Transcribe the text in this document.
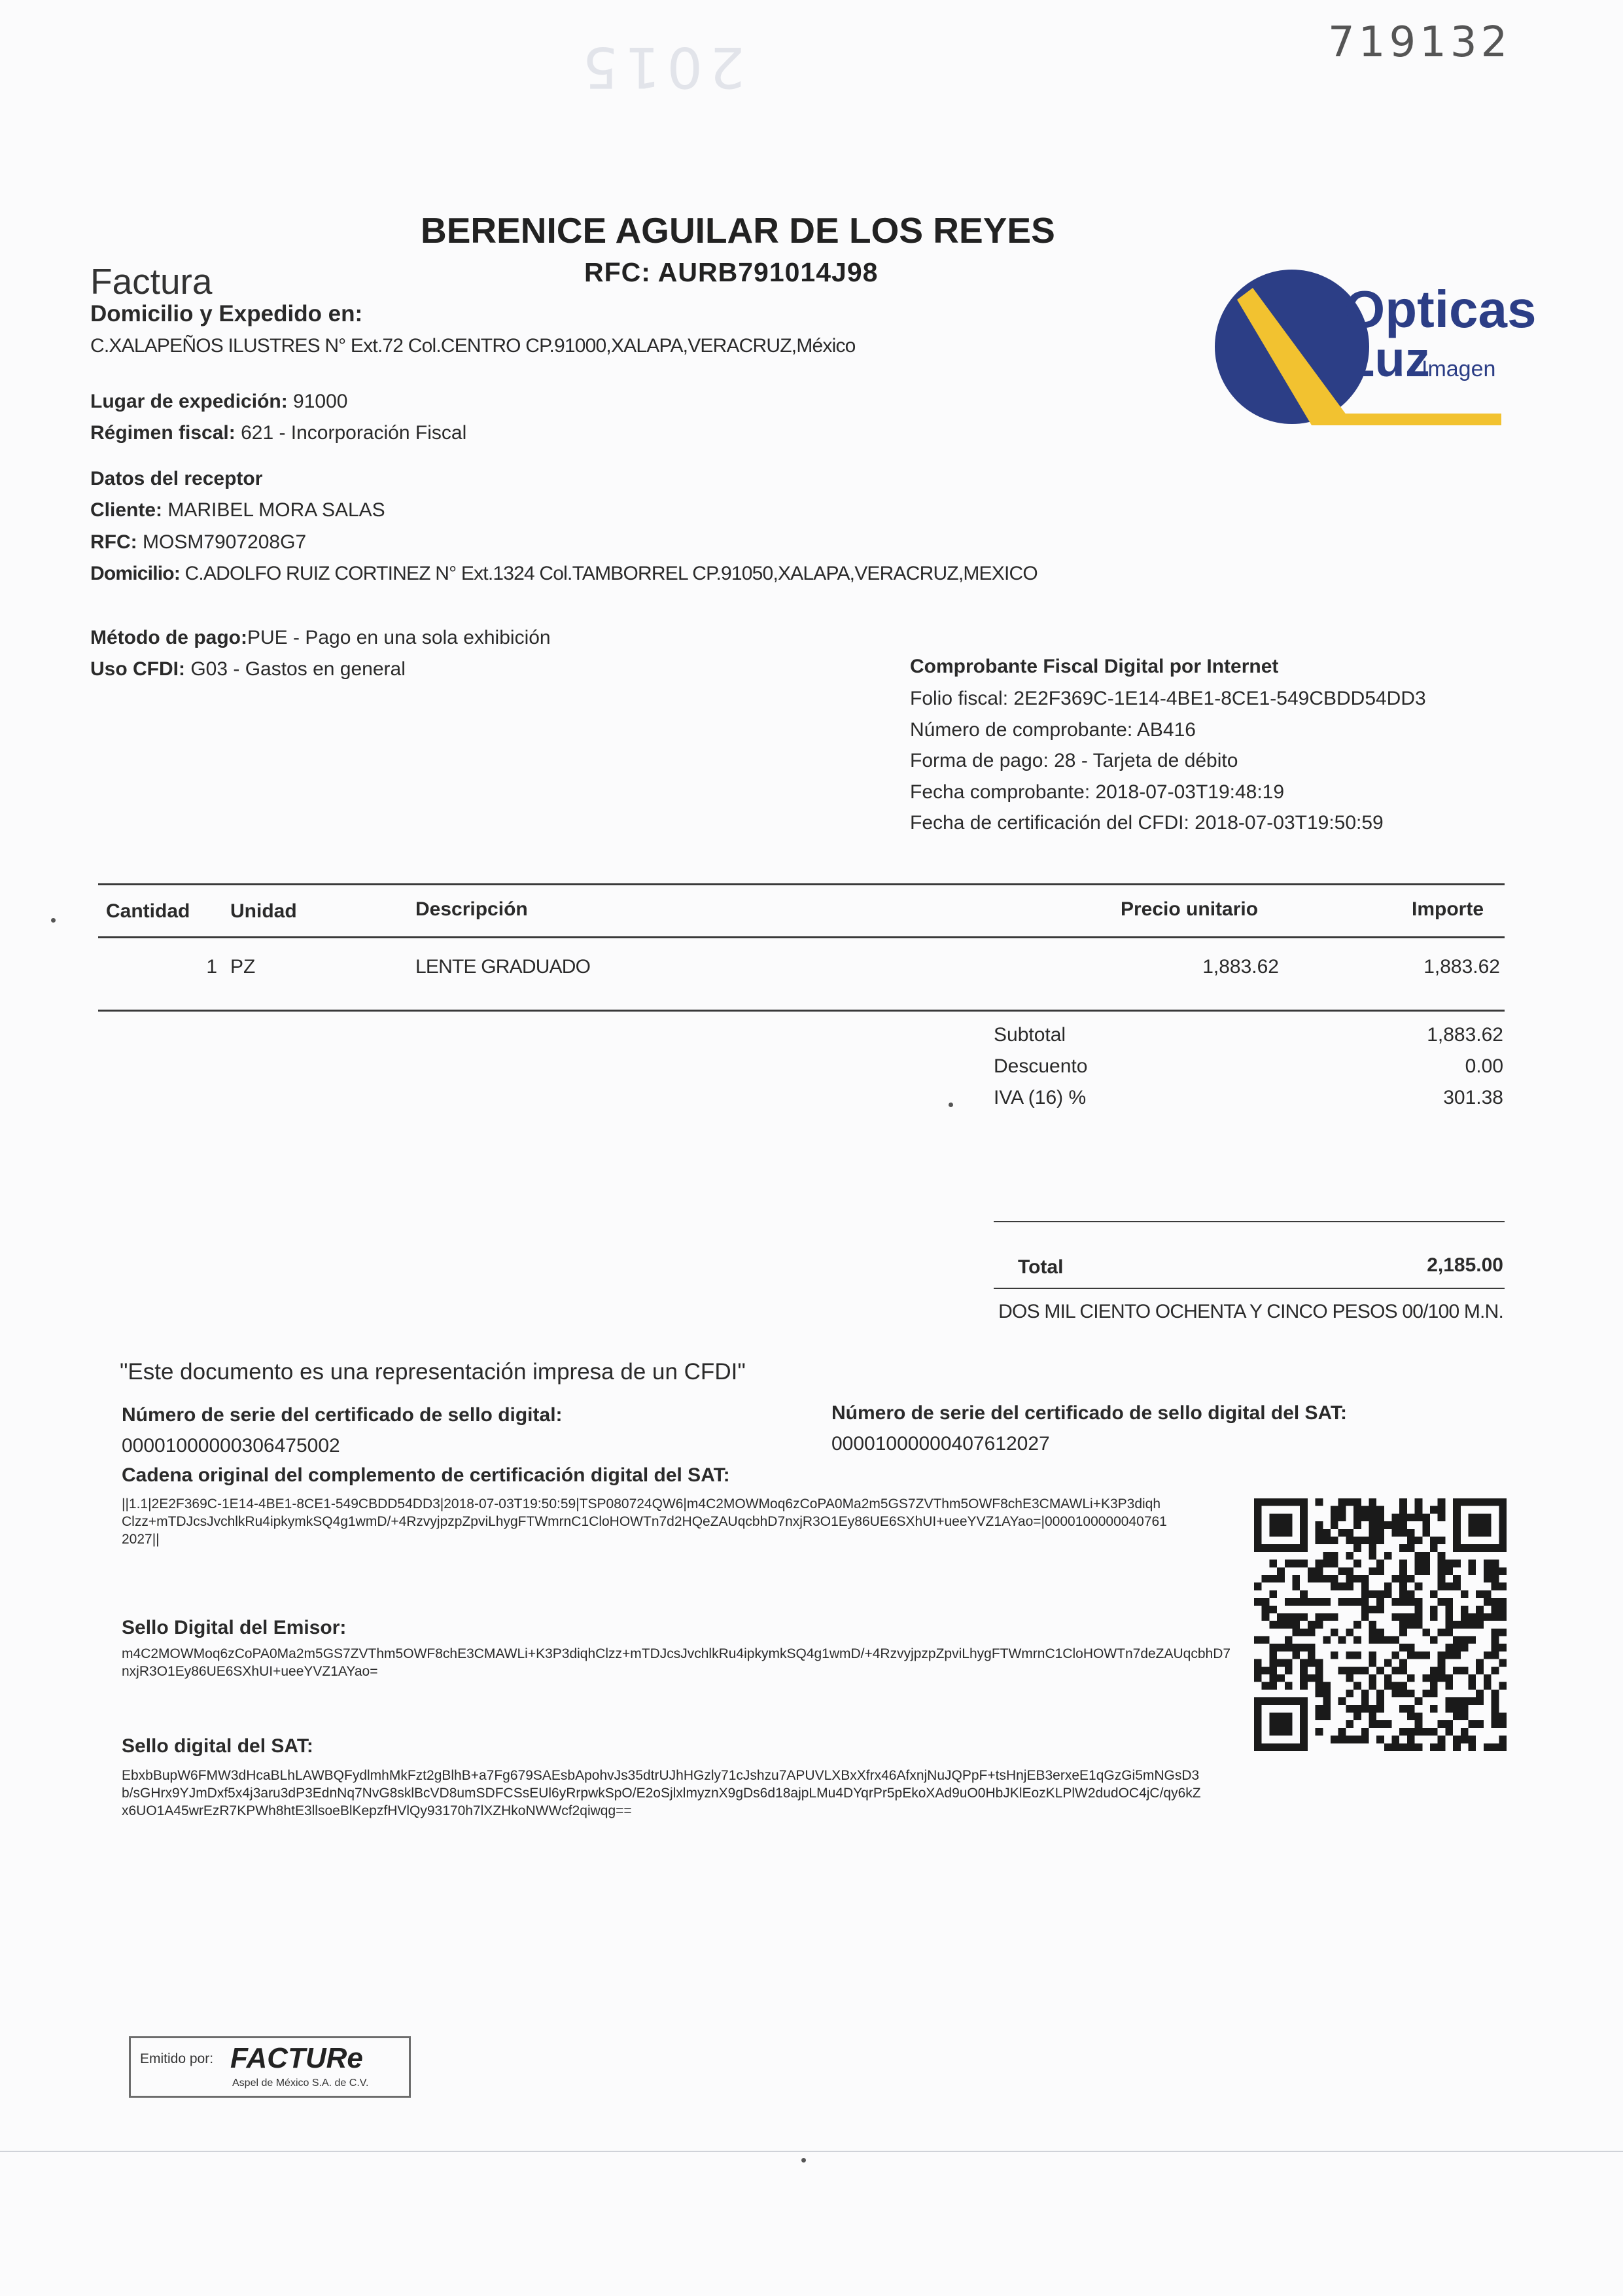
719132
2015
BERENICE AGUILAR DE LOS REYES
RFC: AURB791014J98
Factura
Domicilio y Expedido en:
C.XALAPEÑOS ILUSTRES N° Ext.72 Col.CENTRO CP.91000,XALAPA,VERACRUZ,México
Lugar de expedición: 91000
Régimen fiscal: 621 - Incorporación Fiscal
Opticas
Luz
Imagen
Datos del receptor
Cliente: MARIBEL MORA SALAS
RFC: MOSM7907208G7
Domicilio: C.ADOLFO RUIZ CORTINEZ N° Ext.1324 Col.TAMBORREL CP.91050,XALAPA,VERACRUZ,MEXICO
Método de pago:PUE - Pago en una sola exhibición
Uso CFDI: G03 - Gastos en general	Comprobante Fiscal Digital por Internet
Folio fiscal: 2E2F369C-1E14-4BE1-8CE1-549CBDD54DD3
Número de comprobante: AB416
Forma de pago: 28 - Tarjeta de débito
Fecha comprobante: 2018-07-03T19:48:19
Fecha de certificación del CFDI: 2018-07-03T19:50:59
Cantidad Unidad	Descripción	Precio unitario	Importe
1 PZ	LENTE GRADUADO	1,883.62	1,883.62
Subtotal	1,883.62
Descuento	0.00
IVA (16) %	301.38
Total	2,185.00
DOS MIL CIENTO OCHENTA Y CINCO PESOS 00/100 M.N.
"Este documento es una representación impresa de un CFDI"
Número de serie del certificado de sello digital:
00001000000306475002
Número de serie del certificado de sello digital del SAT:
00001000000407612027
Cadena original del complemento de certificación digital del SAT:
||1.1|2E2F369C-1E14-4BE1-8CE1-549CBDD54DD3|2018-07-03T19:50:59|TSP080724QW6|m4C2MOWMoq6zCoPA0Ma2m5GS7ZVThm5OWF8chE3CMAWLi+K3P3diqhClzz+mTDJcsJvchlkRu4ipkymkSQ4g1wmD/+4RzvyjpzpZpviLhygFTWmrnC1CloHOWTn7d2HQeZAUqcbhD7nxjR3O1Ey86UE6SXhUI+ueeYVZ1AYao=|00001000000407612027||
Sello Digital del Emisor:
m4C2MOWMoq6zCoPA0Ma2m5GS7ZVThm5OWF8chE3CMAWLi+K3P3diqhClzz+mTDJcsJvchlkRu4ipkymkSQ4g1wmD/+4RzvyjpzpZpviLhygFTWmrnC1CloHOWTn7deZAUqcbhD7nxjR3O1Ey86UE6SXhUI+ueeYVZ1AYao=
Sello digital del SAT:
EbxbBupW6FMW3dHcaBLhLAWBQFydlmhMkFzt2gBlhB+a7Fg679SAEsbApohvJs35dtrUJhHGzly71cJshzu7APUVLXBxXfrx46AfxnjNuJQPpF+tsHnjEB3erxeE1qGzGi5mNGsD3b/sGHrx9YJmDxf5x4j3aru3dP3EdnNq7NvG8sklBcVD8umSDFCSsEUl6yRrpwkSpO/E2oSjlxlmyznX9gDs6d18ajpLMu4DYqrPr5pEkoXAd9uO0HbJKlEozKLPlW2dudOC4jC/qy6kZx6UO1A45wrEzR7KPWh8htE3llsoeBlKepzfHVlQy93170h7lXZHkoNWWcf2qiwqg==
Emitido por: FACTURe
Aspel de México S.A. de C.V.
